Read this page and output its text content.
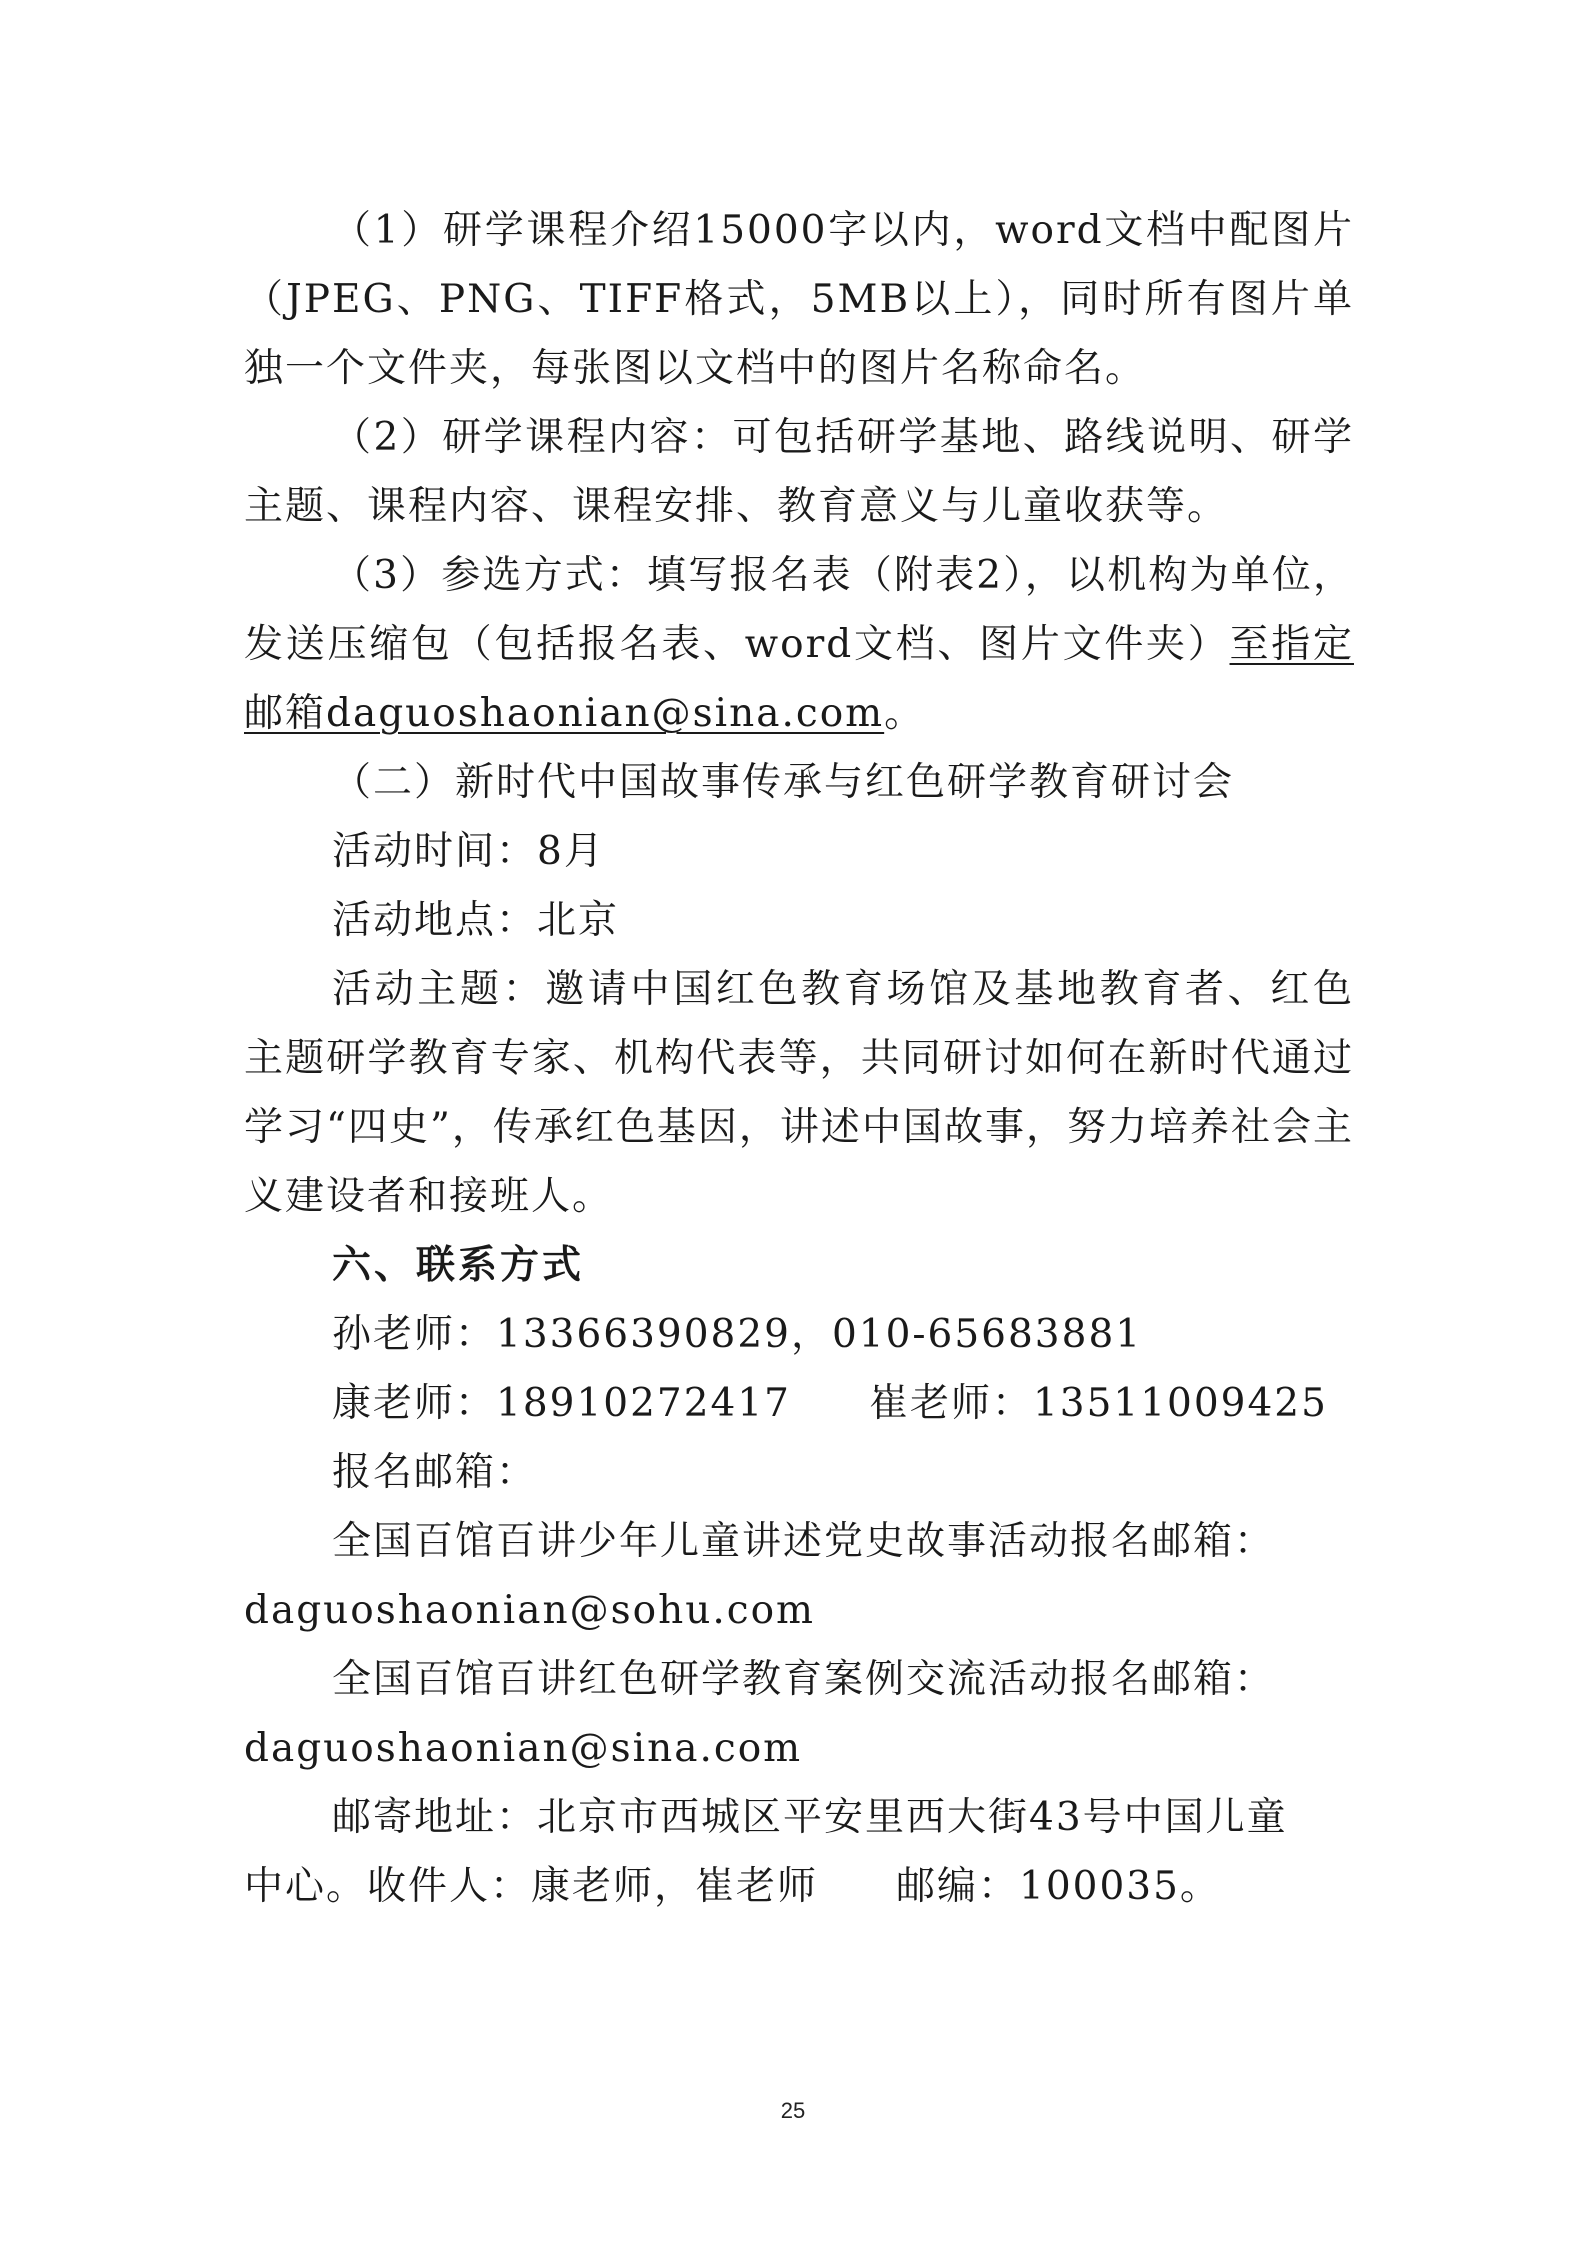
（1）研学课程介绍15000字以内，word文档中配图片（JPEG、PNG、TIFF格式，5MB以上），同时所有图片单独一个文件夹，每张图以文档中的图片名称命名。

（2）研学课程内容：可包括研学基地、路线说明、研学主题、课程内容、课程安排、教育意义与儿童收获等。

（3）参选方式：填写报名表（附表2），以机构为单位，发送压缩包（包括报名表、word文档、图片文件夹）至指定邮箱daguoshaonian@sina.com。

（二）新时代中国故事传承与红色研学教育研讨会
活动时间：8月
活动地点：北京

活动主题：邀请中国红色教育场馆及基地教育者、红色主题研学教育专家、机构代表等，共同研讨如何在新时代通过学习“四史”，传承红色基因，讲述中国故事，努力培养社会主义建设者和接班人。

六、联系方式
孙老师：13366390829，010-65683881
康老师：18910272417 崔老师：13511009425
报名邮箱：
全国百馆百讲少年儿童讲述党史故事活动报名邮箱：
daguoshaonian@sohu.com
全国百馆百讲红色研学教育案例交流活动报名邮箱：
daguoshaonian@sina.com
邮寄地址：北京市西城区平安里西大街43号中国儿童
中心。收件人：康老师，崔老师 邮编：100035。
25
